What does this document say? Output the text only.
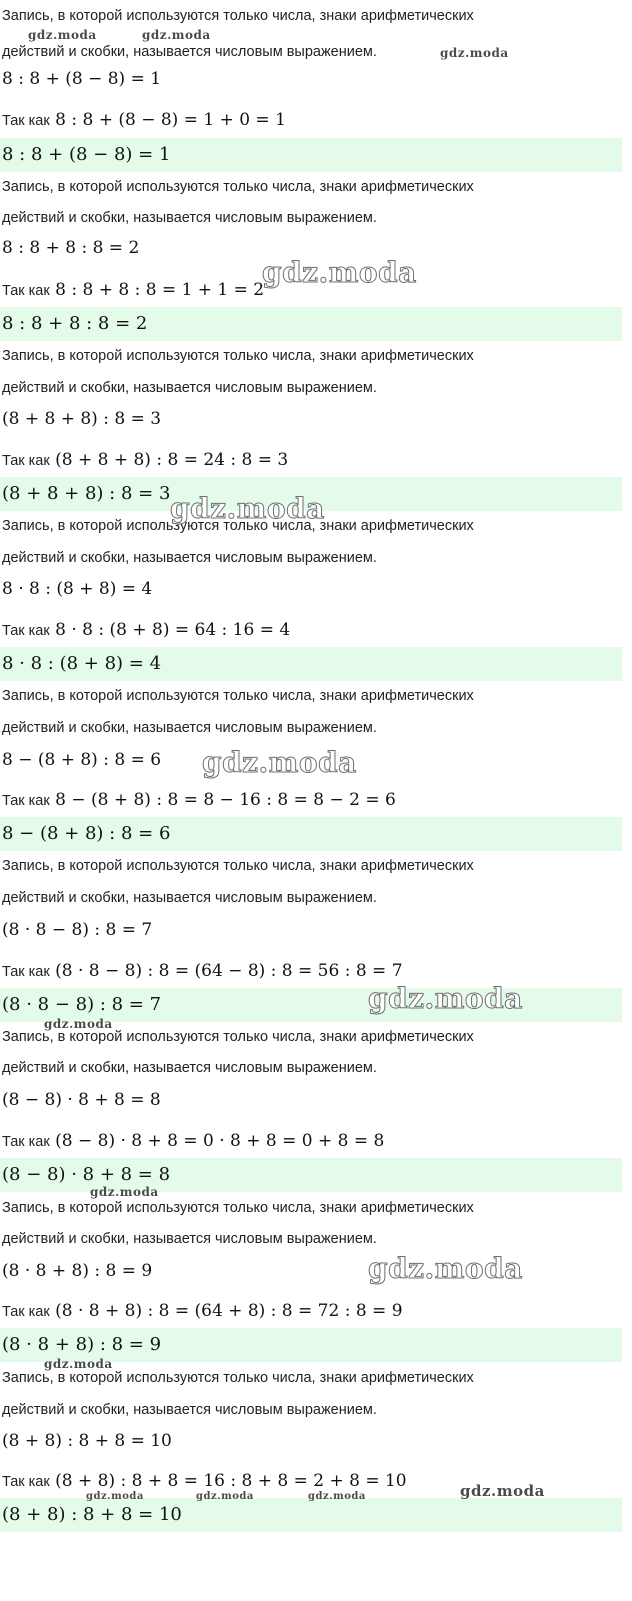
Запись, в которой используются только числа, знаки арифметических
действий и скобки, называется числовым выражением.
8 : 8 + (8 − 8) = 1
Так как 8 : 8 + (8 − 8) = 1 + 0 = 1
8 : 8 + (8 − 8) = 1
Запись, в которой используются только числа, знаки арифметических
действий и скобки, называется числовым выражением.
8 : 8 + 8 : 8 = 2
Так как 8 : 8 + 8 : 8 = 1 + 1 = 2
8 : 8 + 8 : 8 = 2
Запись, в которой используются только числа, знаки арифметических
действий и скобки, называется числовым выражением.
(8 + 8 + 8) : 8 = 3
Так как (8 + 8 + 8) : 8 = 24 : 8 = 3
(8 + 8 + 8) : 8 = 3
Запись, в которой используются только числа, знаки арифметических
действий и скобки, называется числовым выражением.
8 · 8 : (8 + 8) = 4
Так как 8 · 8 : (8 + 8) = 64 : 16 = 4
8 · 8 : (8 + 8) = 4
Запись, в которой используются только числа, знаки арифметических
действий и скобки, называется числовым выражением.
8 − (8 + 8) : 8 = 6
Так как 8 − (8 + 8) : 8 = 8 − 16 : 8 = 8 − 2 = 6
8 − (8 + 8) : 8 = 6
Запись, в которой используются только числа, знаки арифметических
действий и скобки, называется числовым выражением.
(8 · 8 − 8) : 8 = 7
Так как (8 · 8 − 8) : 8 = (64 − 8) : 8 = 56 : 8 = 7
(8 · 8 − 8) : 8 = 7
Запись, в которой используются только числа, знаки арифметических
действий и скобки, называется числовым выражением.
(8 − 8) · 8 + 8 = 8
Так как (8 − 8) · 8 + 8 = 0 · 8 + 8 = 0 + 8 = 8
(8 − 8) · 8 + 8 = 8
Запись, в которой используются только числа, знаки арифметических
действий и скобки, называется числовым выражением.
(8 · 8 + 8) : 8 = 9
Так как (8 · 8 + 8) : 8 = (64 + 8) : 8 = 72 : 8 = 9
(8 · 8 + 8) : 8 = 9
Запись, в которой используются только числа, знаки арифметических
действий и скобки, называется числовым выражением.
(8 + 8) : 8 + 8 = 10
Так как (8 + 8) : 8 + 8 = 16 : 8 + 8 = 2 + 8 = 10
(8 + 8) : 8 + 8 = 10
gdz.moda	gdz.moda
gdz.moda
gdz.moda
gdz.moda
gdz.moda
gdz.moda
gdz.moda
gdz.moda
gdz.moda
gdz.moda
gdz.moda	gdz.moda	gdz.moda	gdz.moda
